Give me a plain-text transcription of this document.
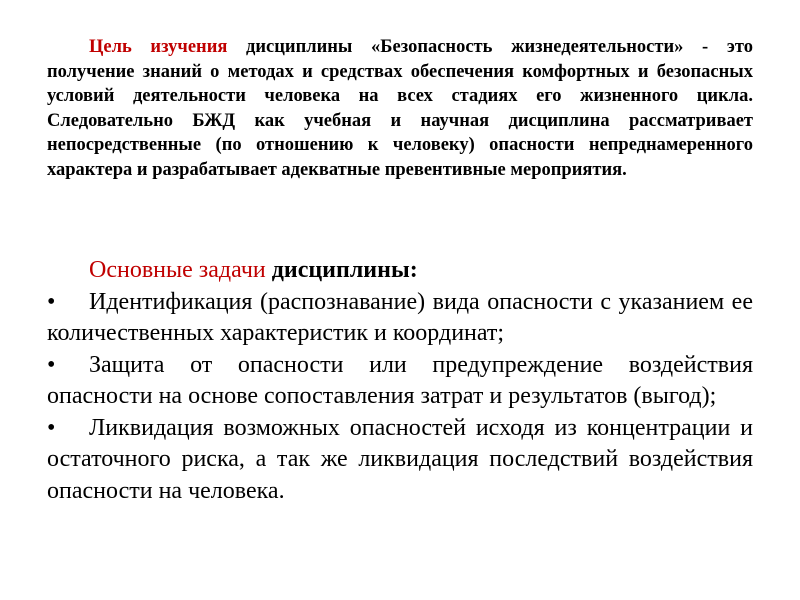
Цель изучения дисциплины «Безопасность жизнедеятельности» - это получение знаний о методах и средствах обеспечения комфортных и безопасных условий деятельности человека на всех стадиях его жизненного цикла. Следовательно БЖД как учебная и научная дисциплина рассматривает непосредственные (по отношению к человеку) опасности непреднамеренного характера и разрабатывает адекватные превентивные мероприятия.

Основные задачи дисциплины:

• Идентификация (распознавание) вида опасности с указанием ее количественных характеристик и координат;

• Защита от опасности или предупреждение воздействия опасности на основе сопоставления затрат и результатов (выгод);

• Ликвидация возможных опасностей исходя из концентрации и остаточного риска, а так же ликвидация последствий воздействия опасности на человека.
